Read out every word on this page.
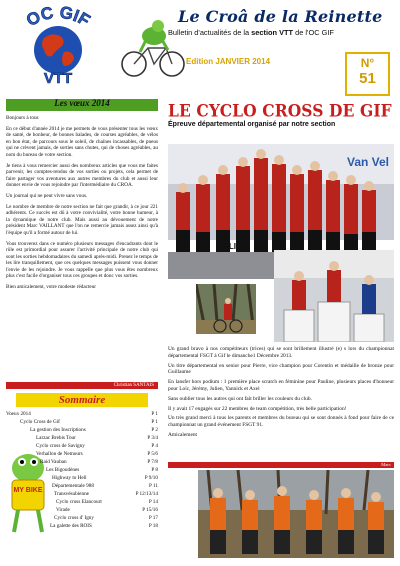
OC GIF
VTT
Le Croâ de la Reinette
Bulletin d'actualités de la section VTT de l'OC GIF
Edition JANVIER 2014	N°
51
Les vœux 2014

Bonjours à tous

En ce début d'année 2014 je me permets de vous présenter tous les vœux de santé, de bonheur, de bonnes balades, de courses agréables, de vélos en bon état, de parcours sous le soleil, de chaînes incassables, de pneus qui ne crèvent jamais, de sorties sans chutes, qui de choses agréables, au nom du bureau de votre section.

Je tiens à vous remercier aussi des nombreux articles que vous me faites parvenir, les comptes-rendus de vos sorties ou projets, cela permet de faire partager vos aventures aux autres membres du club et aussi leur donner envie de vous rejoindre par l'intermédiaire du CROA.

Un journal qui ne peut vivre sans vous.

Le nombre de membre de notre section ne fait que grandir, à ce jour 221 adhérents. Ce succès est dû à votre convivialité, votre bonne humeur, à la dynamique de notre club. Mais aussi au dévouement de notre président Marc VAILLANT que l'on ne remercie jamais assez ainsi qu'à l'équipe qu'il a formé autour de lui.

Vous trouverez dans ce numéro plusieurs messages d'encadrants dont le rôle est primordial pour assurer l'activité principale de notre club qui sont les sorties hebdomadaires du samedi après-midi. Prenez le temps de les lire tranquillement, que ces quelques messages puissent vous donner l'envie de les rejoindre. Je vous rappelle que plus vous êtes nombreux plus c'est facile d'organiser tous ces groupes et donc vos sorties.

Bien amicalement, votre modeste rédacteur

Christian SANTAIS
Sommaire
MY BIKE
Voeux 2014	P 1
Cyclo Cross de Gif	P 1
La gestion des Inscriptions	P 2
Larzac Brebis Tour	P 3/4
Cyclo cross de Savigny	P 4
Verhallon de Nemours	P 5/6
Raid Vauban	P 7/8
Les Bigoudènes	P 8
Highway to Hell	P 9/10
Départementale 988	P 11
Transvésubienne	P 12/13/14
Cyclo cross Elancourt	P 14
Virade	P 15/16
Cyclo cross d' Igny	P 17
La galette des ROIS	P 18
LE CYCLO CROSS DE GIF
Épreuve départemental organisé par notre section
Van Vel

Un grand bravo à nos compétiteurs (trices) qui se sont brillement illustré (e) s lors du championnat départemental FSGT à Gif le dimanche1 Décembre 2013.

Un titre départemental en senior pour Pierre, vice champion pour Corentin et médaille de bronze pour Guillaume

En lansfer hors podium : 1 première place scratch en féminine pour Pauline, plusieurs places d'honneur pour Loïc, Jérémy, Julien, Yannick et Axel

Sans oublier tous les autres qui ont fait briller les couleurs du club.

Il y avait 17 engagés sur 22 membres de team compétition, très belle participation!

Un très grand merci à tous les parents et membres du bureau qui se sont donnés à fond pour faire de ce championnat un grand événement FSGT 91.

Amicalement

Marc
